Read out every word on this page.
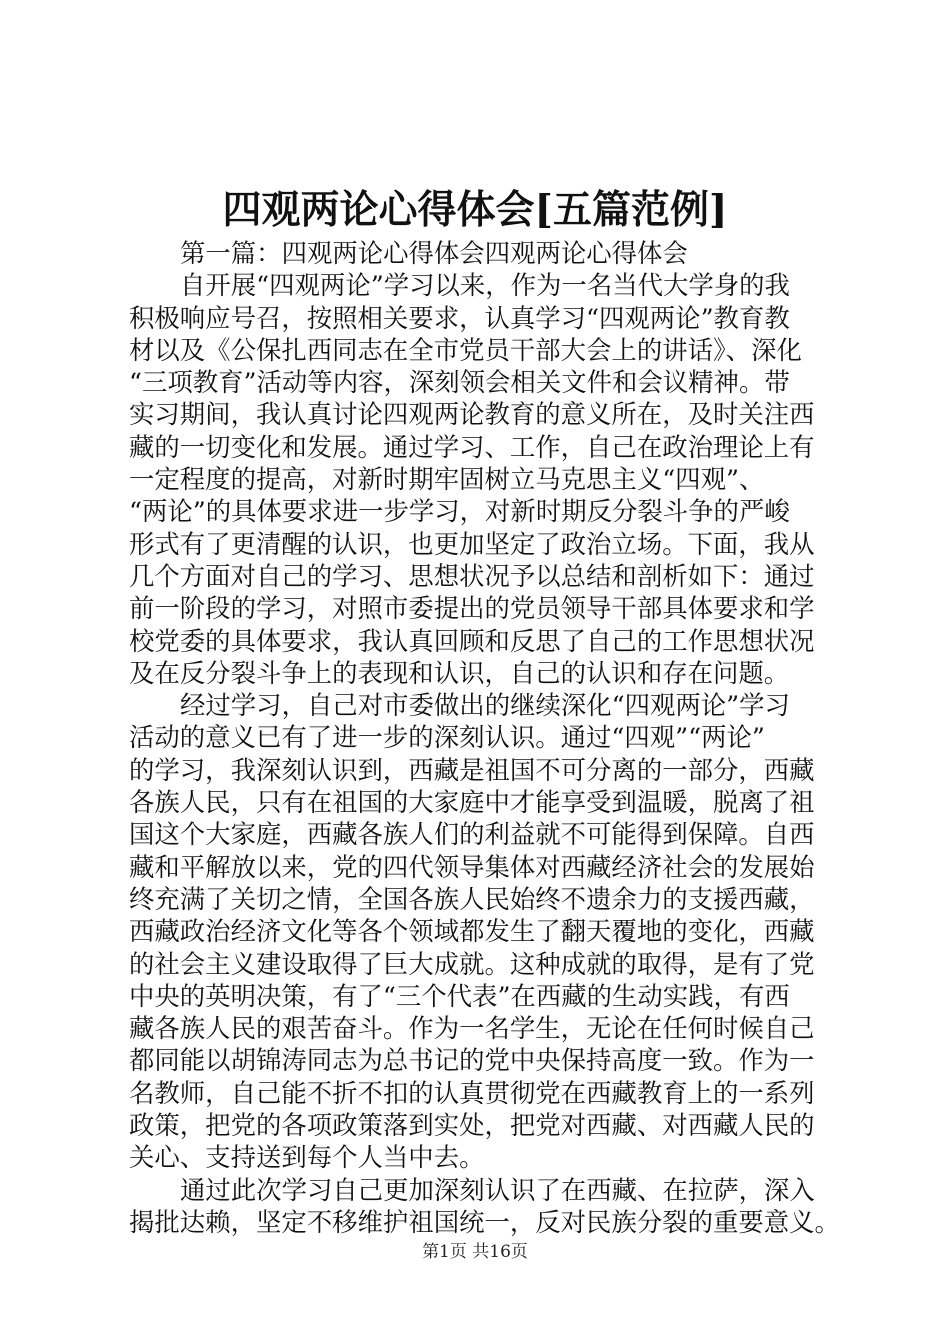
四观两论心得体会[五篇范例]
第一篇：四观两论心得体会四观两论心得体会
自开展“四观两论”学习以来，作为一名当代大学身的我
积极响应号召，按照相关要求，认真学习“四观两论”教育教
材以及《公保扎西同志在全市党员干部大会上的讲话》、深化
“三项教育”活动等内容，深刻领会相关文件和会议精神。带
实习期间，我认真讨论四观两论教育的意义所在，及时关注西
藏的一切变化和发展。通过学习、工作，自己在政治理论上有
一定程度的提高，对新时期牢固树立马克思主义“四观”、
“两论”的具体要求进一步学习，对新时期反分裂斗争的严峻
形式有了更清醒的认识，也更加坚定了政治立场。下面，我从
几个方面对自己的学习、思想状况予以总结和剖析如下：通过
前一阶段的学习，对照市委提出的党员领导干部具体要求和学
校党委的具体要求，我认真回顾和反思了自己的工作思想状况
及在反分裂斗争上的表现和认识，自己的认识和存在问题。
经过学习，自己对市委做出的继续深化“四观两论”学习
活动的意义已有了进一步的深刻认识。通过“四观”“两论”
的学习，我深刻认识到，西藏是祖国不可分离的一部分，西藏
各族人民，只有在祖国的大家庭中才能享受到温暖，脱离了祖
国这个大家庭，西藏各族人们的利益就不可能得到保障。自西
藏和平解放以来，党的四代领导集体对西藏经济社会的发展始
终充满了关切之情，全国各族人民始终不遗余力的支援西藏，
西藏政治经济文化等各个领域都发生了翻天覆地的变化，西藏
的社会主义建设取得了巨大成就。这种成就的取得，是有了党
中央的英明决策，有了“三个代表”在西藏的生动实践，有西
藏各族人民的艰苦奋斗。作为一名学生，无论在任何时候自己
都同能以胡锦涛同志为总书记的党中央保持高度一致。作为一
名教师，自己能不折不扣的认真贯彻党在西藏教育上的一系列
政策，把党的各项政策落到实处，把党对西藏、对西藏人民的
关心、支持送到每个人当中去。
通过此次学习自己更加深刻认识了在西藏、在拉萨，深入
揭批达赖，坚定不移维护祖国统一，反对民族分裂的重要意义。
第1页 共16页
